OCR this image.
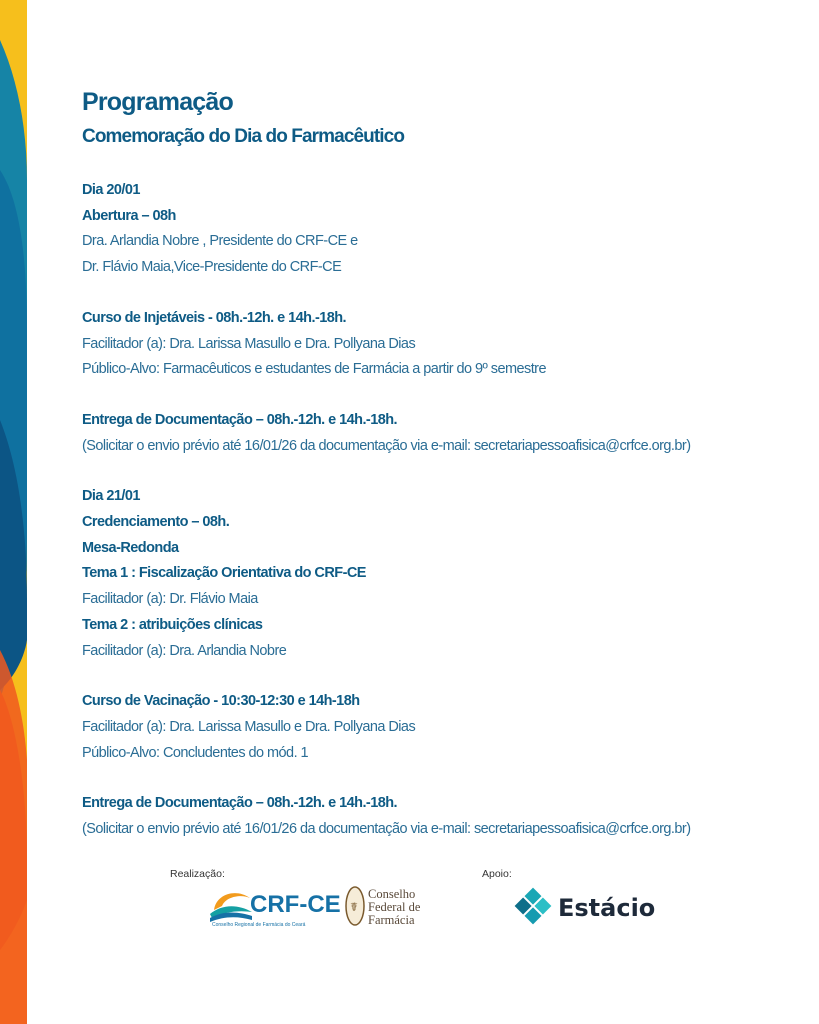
Programação
Comemoração do Dia do Farmacêutico
Dia 20/01
Abertura – 08h
Dra. Arlandia Nobre , Presidente do CRF-CE e
Dr. Flávio Maia,Vice-Presidente do CRF-CE
Curso de Injetáveis - 08h.-12h. e 14h.-18h.
Facilitador (a): Dra. Larissa Masullo e Dra. Pollyana Dias
Público-Alvo: Farmacêuticos e estudantes de Farmácia a partir do 9º semestre
Entrega de Documentação – 08h.-12h. e 14h.-18h.
(Solicitar o envio prévio até 16/01/26 da documentação via e-mail: secretariapessoafisica@crfce.org.br)
Dia 21/01
Credenciamento – 08h.
Mesa-Redonda
Tema 1 : Fiscalização Orientativa do CRF-CE
Facilitador (a): Dr. Flávio Maia
Tema 2 : atribuições clínicas
Facilitador (a): Dra. Arlandia Nobre
Curso de Vacinação - 10:30-12:30 e 14h-18h
Facilitador (a): Dra. Larissa Masullo e Dra. Pollyana Dias
Público-Alvo: Concludentes do mód. 1
Entrega de Documentação – 08h.-12h. e 14h.-18h.
(Solicitar o envio prévio até 16/01/26 da documentação via e-mail: secretariapessoafisica@crfce.org.br)
Realização:	Apoio:
CRF-CE
Conselho Regional de Farmácia do Ceará
☤
Conselho
Federal de
Farmácia	Estácio
